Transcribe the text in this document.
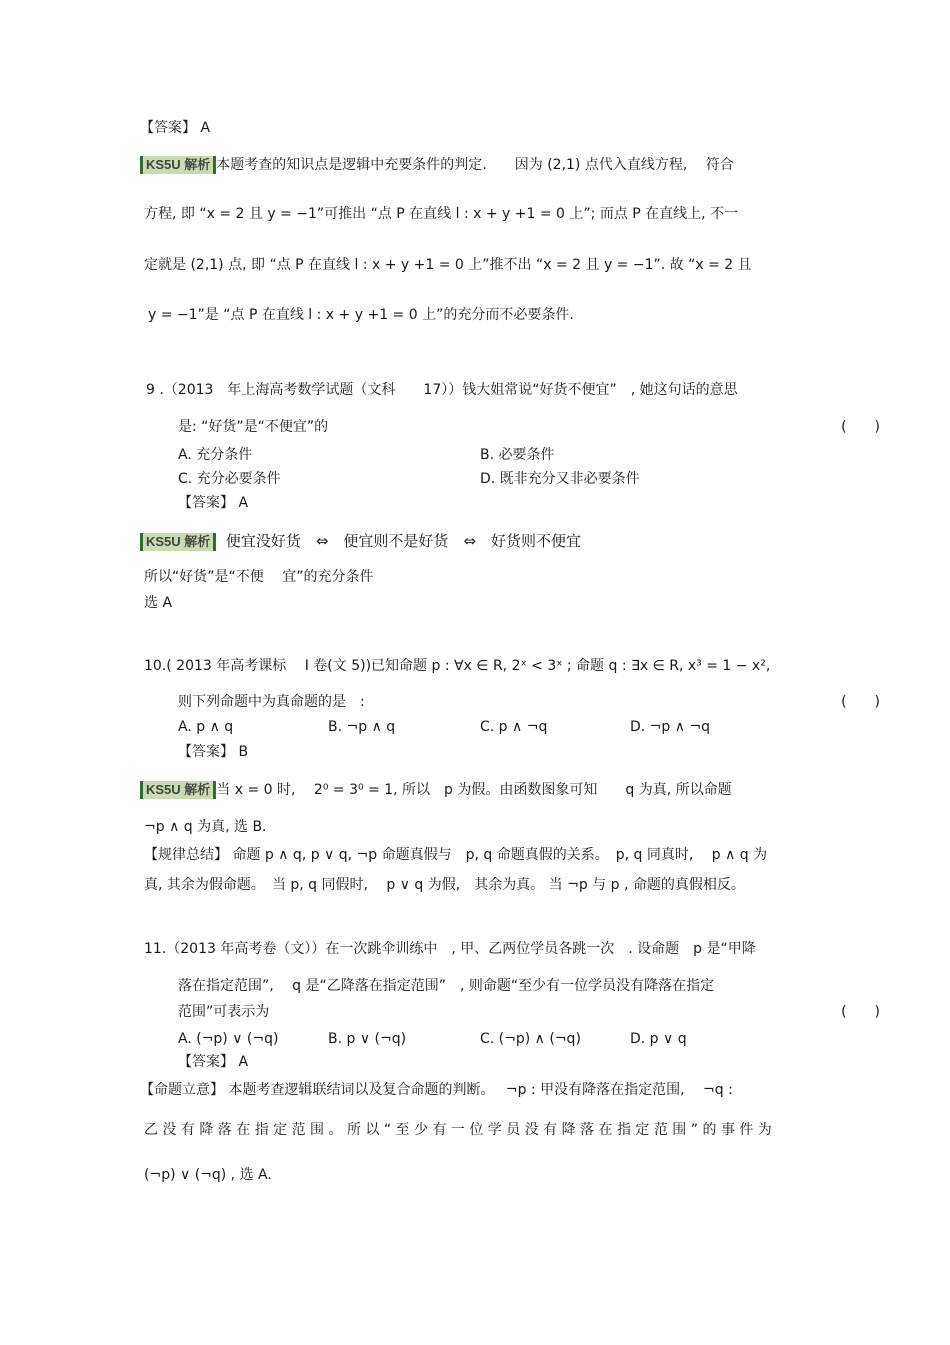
【答案】 A
KS5U 解析 本题考查的知识点是逻辑中充要条件的判定.　　因为 (2,1) 点代入直线方程,　 符合
方程, 即 “x = 2 且 y = −1”可推出 “点 P 在直线 l : x + y +1 = 0 上”; 而点 P 在直线上, 不一
定就是 (2,1) 点, 即 “点 P 在直线 l : x + y +1 = 0 上”推不出 “x = 2 且 y = −1”. 故 “x = 2 且
y = −1”是 “点 P 在直线 l : x + y +1 = 0 上”的充分而不必要条件.
9 .（2013　年上海高考数学试题（文科　　17））钱大姐常说“好货不便宜”　, 她这句话的意思
是: “好货”是“不便宜”的	(　　)
A. 充分条件	B. 必要条件
C. 充分必要条件	D. 既非充分又非必要条件
【答案】 A
KS5U 解析 便宜没好货　⇔　便宜则不是好货　⇔　好货则不便宜
所以“好货”是“不便　 宜”的充分条件
选 A
10.( 2013 年高考课标　 I 卷(文 5))已知命题 p : ∀x ∈ R, 2ˣ < 3ˣ ; 命题 q : ∃x ∈ R, x³ = 1 − x²,
则下列命题中为真命题的是　:	(　　)
A. p ∧ q	B. ¬p ∧ q	C. p ∧ ¬q	D. ¬p ∧ ¬q
【答案】 B
KS5U 解析 当 x = 0 时,　 2⁰ = 3⁰ = 1, 所以　p 为假。由函数图象可知　　q 为真, 所以命题
¬p ∧ q 为真, 选 B.
【规律总结】 命题 p ∧ q, p ∨ q, ¬p 命题真假与　p, q 命题真假的关系。　p, q 同真时,　 p ∧ q 为
真, 其余为假命题。　当 p, q 同假时,　 p ∨ q 为假,　其余为真。 当 ¬p 与 p , 命题的真假相反。
11.（2013 年高考卷（文））在一次跳伞训练中　, 甲、乙两位学员各跳一次　. 设命题　p 是“甲降
落在指定范围”,　 q 是“乙降落在指定范围”　, 则命题“至少有一位学员没有降落在指定
范围”可表示为	(　　)
A. (¬p) ∨ (¬q)	B. p ∨ (¬q)	C. (¬p) ∧ (¬q)	D. p ∨ q
【答案】 A
【命题立意】 本题考查逻辑联结词以及复合命题的判断。　 ¬p : 甲没有降落在指定范围,　 ¬q :
乙 没 有 降 落 在 指 定 范 围 。 所 以 “ 至 少 有 一 位 学 员 没 有 降 落 在 指 定 范 围 ” 的 事 件 为
(¬p) ∨ (¬q) , 选 A.
